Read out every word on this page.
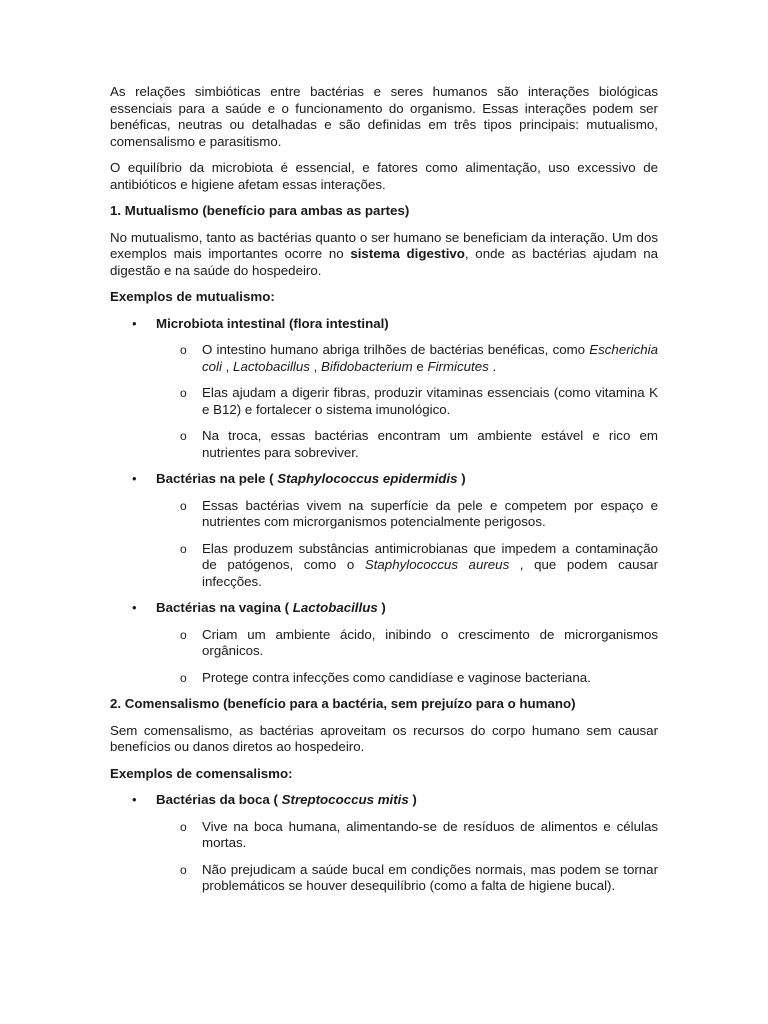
As relações simbióticas entre bactérias e seres humanos são interações biológicas essenciais para a saúde e o funcionamento do organismo. Essas interações podem ser benéficas, neutras ou detalhadas e são definidas em três tipos principais: mutualismo, comensalismo e parasitismo.

O equilíbrio da microbiota é essencial, e fatores como alimentação, uso excessivo de antibióticos e higiene afetam essas interações.

1. Mutualismo (benefício para ambas as partes)

No mutualismo, tanto as bactérias quanto o ser humano se beneficiam da interação. Um dos exemplos mais importantes ocorre no sistema digestivo, onde as bactérias ajudam na digestão e na saúde do hospedeiro.

Exemplos de mutualismo:
• Microbiota intestinal (flora intestinal)
o O intestino humano abriga trilhões de bactérias benéficas, como Escherichia coli , Lactobacillus , Bifidobacterium e Firmicutes .
o Elas ajudam a digerir fibras, produzir vitaminas essenciais (como vitamina K e B12) e fortalecer o sistema imunológico.
o Na troca, essas bactérias encontram um ambiente estável e rico em nutrientes para sobreviver.
• Bactérias na pele ( Staphylococcus epidermidis )
o Essas bactérias vivem na superfície da pele e competem por espaço e nutrientes com microrganismos potencialmente perigosos.
o Elas produzem substâncias antimicrobianas que impedem a contaminação de patógenos, como o Staphylococcus aureus , que podem causar infecções.
• Bactérias na vagina ( Lactobacillus )
o Criam um ambiente ácido, inibindo o crescimento de microrganismos orgânicos.
o Protege contra infecções como candidíase e vaginose bacteriana.
2. Comensalismo (benefício para a bactéria, sem prejuízo para o humano)

Sem comensalismo, as bactérias aproveitam os recursos do corpo humano sem causar benefícios ou danos diretos ao hospedeiro.

Exemplos de comensalismo:
• Bactérias da boca ( Streptococcus mitis )
o Vive na boca humana, alimentando-se de resíduos de alimentos e células mortas.
o Não prejudicam a saúde bucal em condições normais, mas podem se tornar problemáticos se houver desequilíbrio (como a falta de higiene bucal).
